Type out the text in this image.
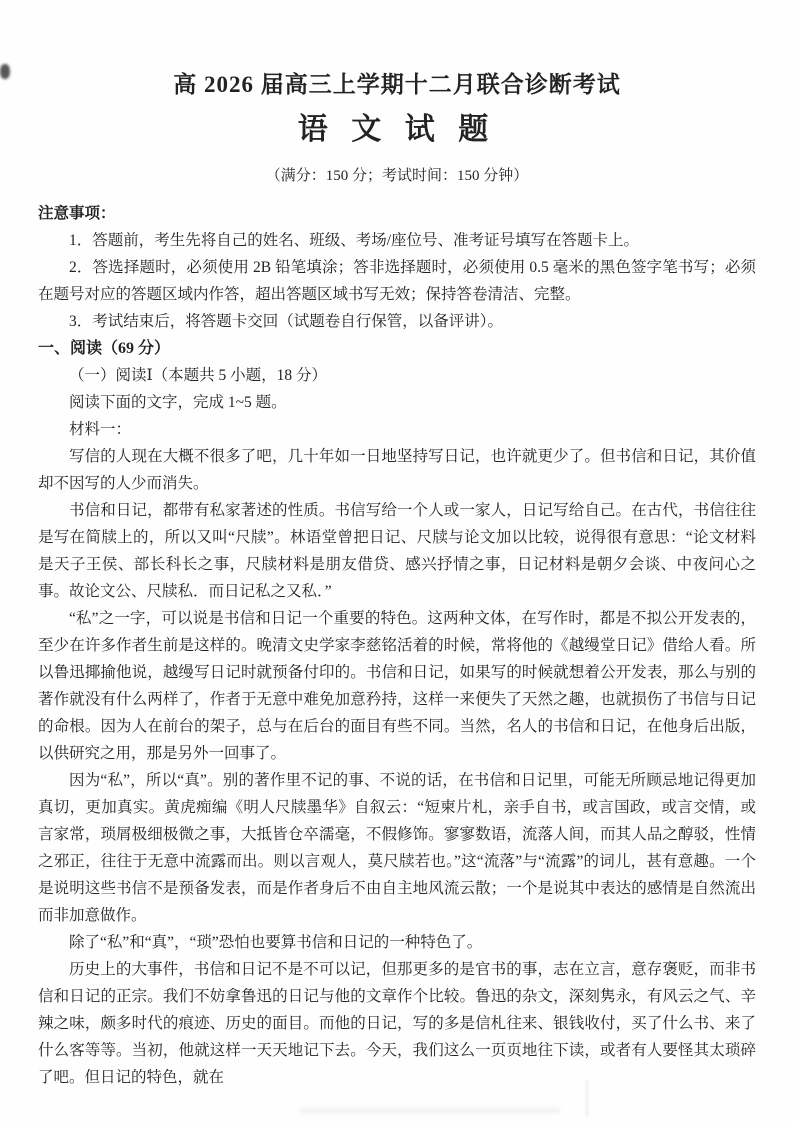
高 2026 届高三上学期十二月联合诊断考试
语 文 试 题
（满分：150 分；考试时间：150 分钟）

注意事项：

1．答题前，考生先将自己的姓名、班级、考场/座位号、准考证号填写在答题卡上。

2．答选择题时，必须使用 2B 铅笔填涂；答非选择题时，必须使用 0.5 毫米的黑色签字笔书写；必须在题号对应的答题区域内作答，超出答题区域书写无效；保持答卷清洁、完整。

3．考试结束后，将答题卡交回（试题卷自行保管，以备评讲）。

一、阅读（69 分）

（一）阅读Ⅰ（本题共 5 小题，18 分）

阅读下面的文字，完成 1~5 题。

材料一：

写信的人现在大概不很多了吧，几十年如一日地坚持写日记，也许就更少了。但书信和日记，其价值却不因写的人少而消失。

书信和日记，都带有私家著述的性质。书信写给一个人或一家人，日记写给自己。在古代，书信往往是写在简牍上的，所以又叫“尺牍”。林语堂曾把日记、尺牍与论文加以比较，说得很有意思：“论文材料是天子王侯、部长科长之事，尺牍材料是朋友借贷、感兴抒情之事，日记材料是朝夕会谈、中夜问心之事。故论文公、尺牍私．而日记私之又私．”

“私”之一字，可以说是书信和日记一个重要的特色。这两种文体，在写作时，都是不拟公开发表的，至少在许多作者生前是这样的。晚清文史学家李慈铭活着的时候，常将他的《越缦堂日记》借给人看。所以鲁迅揶揄他说，越缦写日记时就预备付印的。书信和日记，如果写的时候就想着公开发表，那么与别的著作就没有什么两样了，作者于无意中难免加意矜持，这样一来便失了天然之趣，也就损伤了书信与日记的命根。因为人在前台的架子，总与在后台的面目有些不同。当然，名人的书信和日记，在他身后出版，以供研究之用，那是另外一回事了。

因为“私”，所以“真”。别的著作里不记的事、不说的话，在书信和日记里，可能无所顾忌地记得更加真切，更加真实。黄虎痴编《明人尺牍墨华》自叙云：“短柬片札，亲手自书，或言国政，或言交情，或言家常，琐屑极细极微之事，大抵皆仓卒濡毫，不假修饰。寥寥数语，流落人间，而其人品之醇驳，性情之邪正，往往于无意中流露而出。则以言观人，莫尺牍若也。”这“流落”与“流露”的词儿，甚有意趣。一个是说明这些书信不是预备发表，而是作者身后不由自主地风流云散；一个是说其中表达的感情是自然流出而非加意做作。

除了“私”和“真”，“琐”恐怕也要算书信和日记的一种特色了。

历史上的大事件，书信和日记不是不可以记，但那更多的是官书的事，志在立言，意存褒贬，而非书信和日记的正宗。我们不妨拿鲁迅的日记与他的文章作个比较。鲁迅的杂文，深刻隽永，有风云之气、辛辣之味，颇多时代的痕迹、历史的面目。而他的日记，写的多是信札往来、银钱收付，买了什么书、来了什么客等等。当初，他就这样一天天地记下去。今天，我们这么一页页地往下读，或者有人要怪其太琐碎了吧。但日记的特色，就在
